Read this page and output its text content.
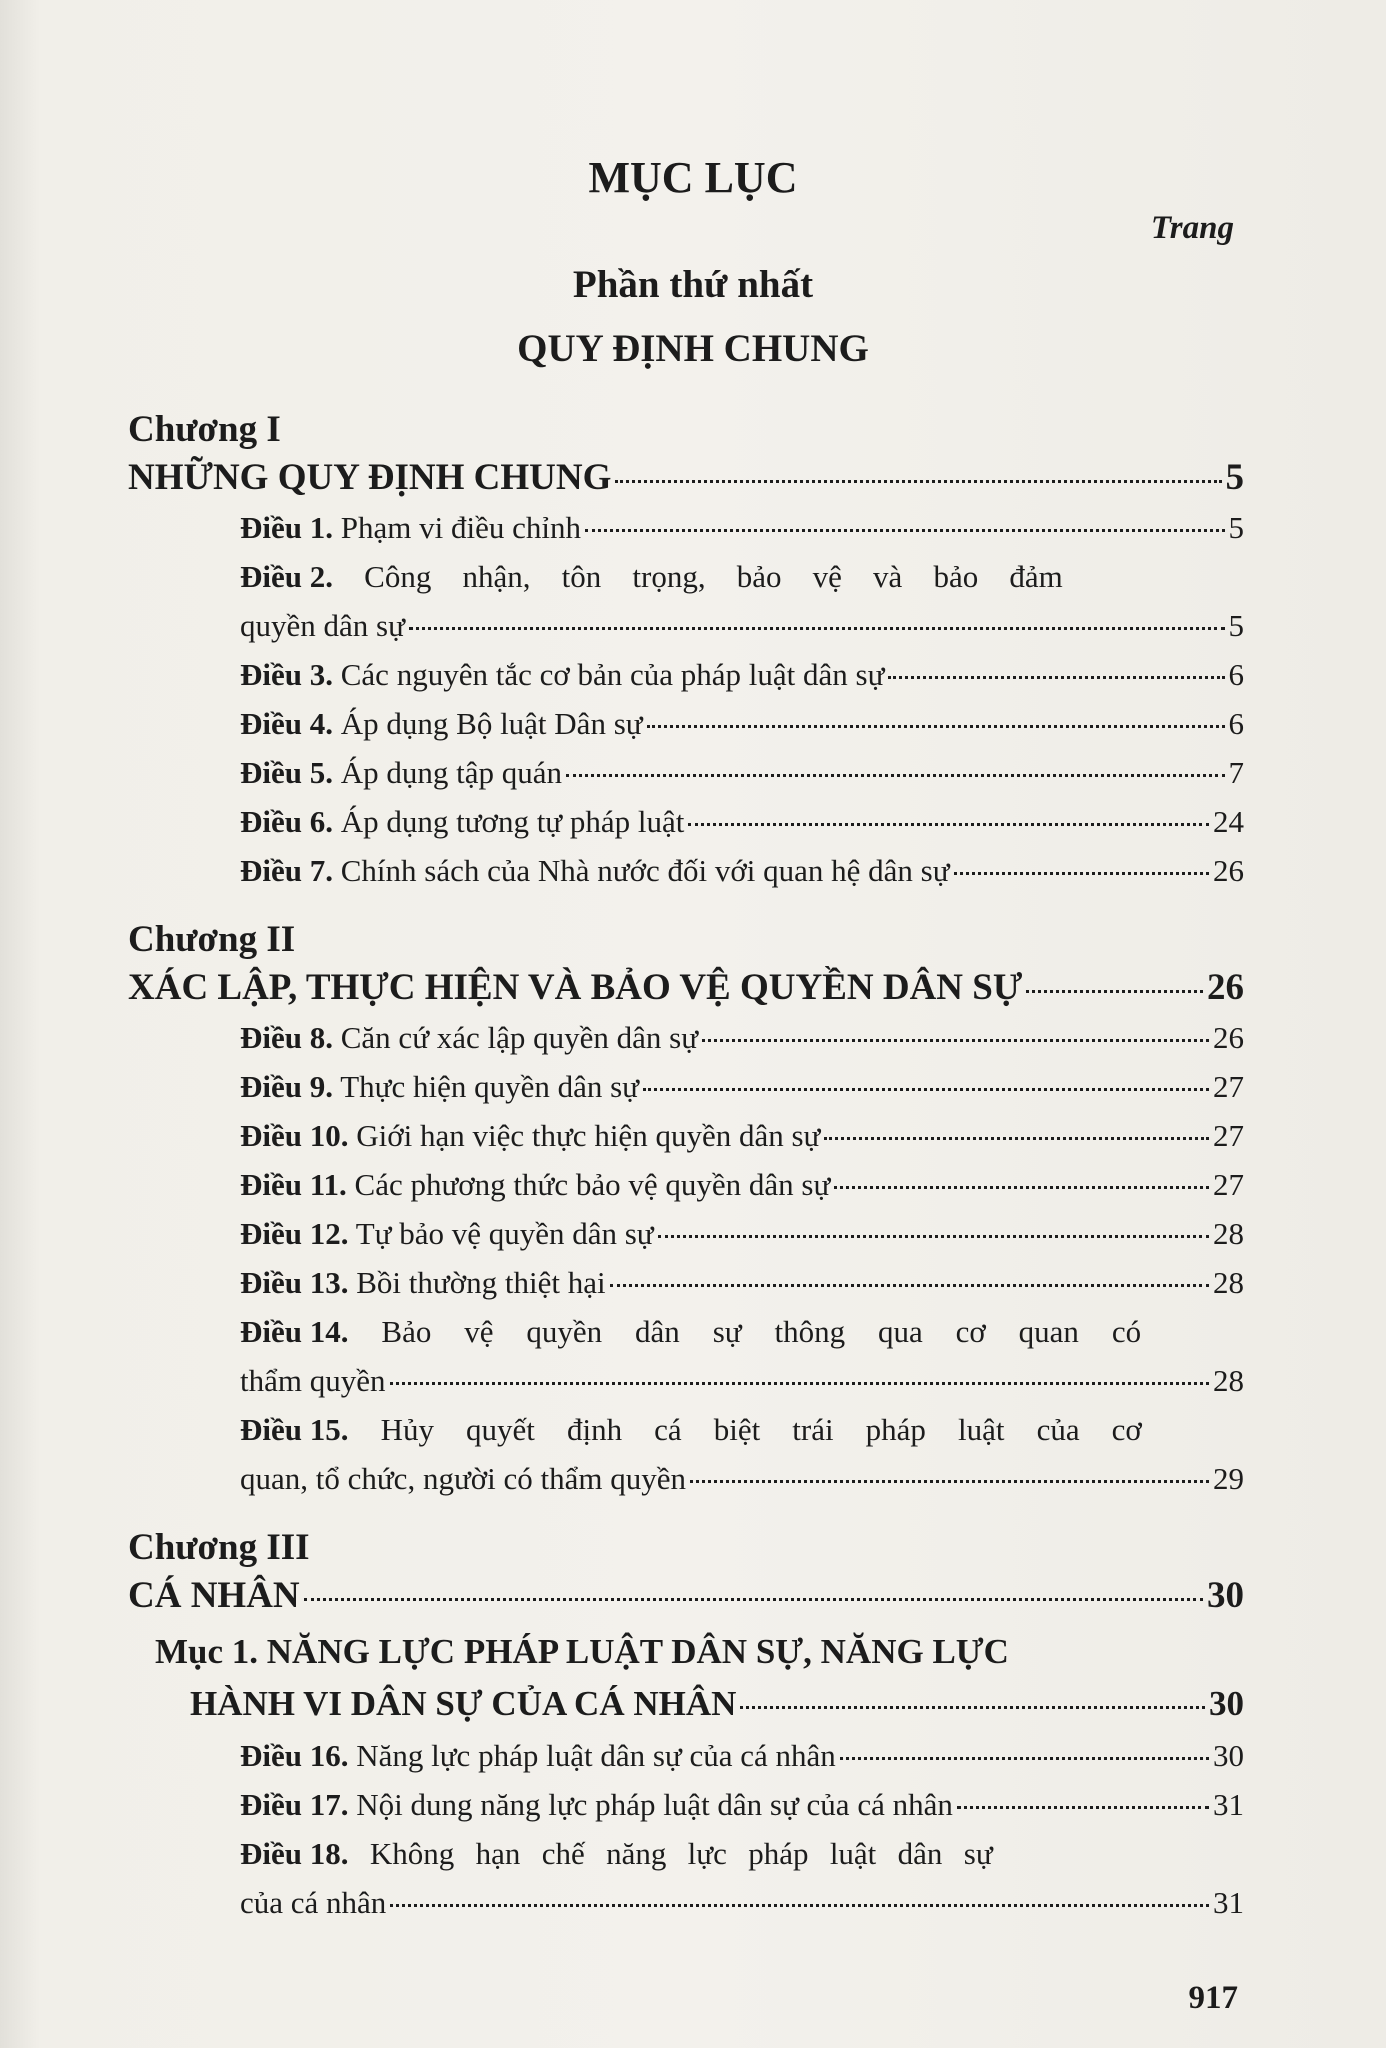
MỤC LỤC
Trang
Phần thứ nhất
QUY ĐỊNH CHUNG
Chương I
NHỮNG QUY ĐỊNH CHUNG	5
Điều 1. Phạm vi điều chỉnh	5
Điều 2. Công nhận, tôn trọng, bảo vệ và bảo đảm
quyền dân sự	5
Điều 3. Các nguyên tắc cơ bản của pháp luật dân sự	6
Điều 4. Áp dụng Bộ luật Dân sự	6
Điều 5. Áp dụng tập quán	7
Điều 6. Áp dụng tương tự pháp luật	24
Điều 7. Chính sách của Nhà nước đối với quan hệ dân sự	26
Chương II
XÁC LẬP, THỰC HIỆN VÀ BẢO VỆ QUYỀN DÂN SỰ	26
Điều 8. Căn cứ xác lập quyền dân sự	26
Điều 9. Thực hiện quyền dân sự	27
Điều 10. Giới hạn việc thực hiện quyền dân sự	27
Điều 11. Các phương thức bảo vệ quyền dân sự	27
Điều 12. Tự bảo vệ quyền dân sự	28
Điều 13. Bồi thường thiệt hại	28
Điều 14. Bảo vệ quyền dân sự thông qua cơ quan có
thẩm quyền	28
Điều 15. Hủy quyết định cá biệt trái pháp luật của cơ
quan, tổ chức, người có thẩm quyền	29
Chương III
CÁ NHÂN	30
Mục 1. NĂNG LỰC PHÁP LUẬT DÂN SỰ, NĂNG LỰC
HÀNH VI DÂN SỰ CỦA CÁ NHÂN	30
Điều 16. Năng lực pháp luật dân sự của cá nhân	30
Điều 17. Nội dung năng lực pháp luật dân sự của cá nhân	31
Điều 18. Không hạn chế năng lực pháp luật dân sự
của cá nhân	31
917
